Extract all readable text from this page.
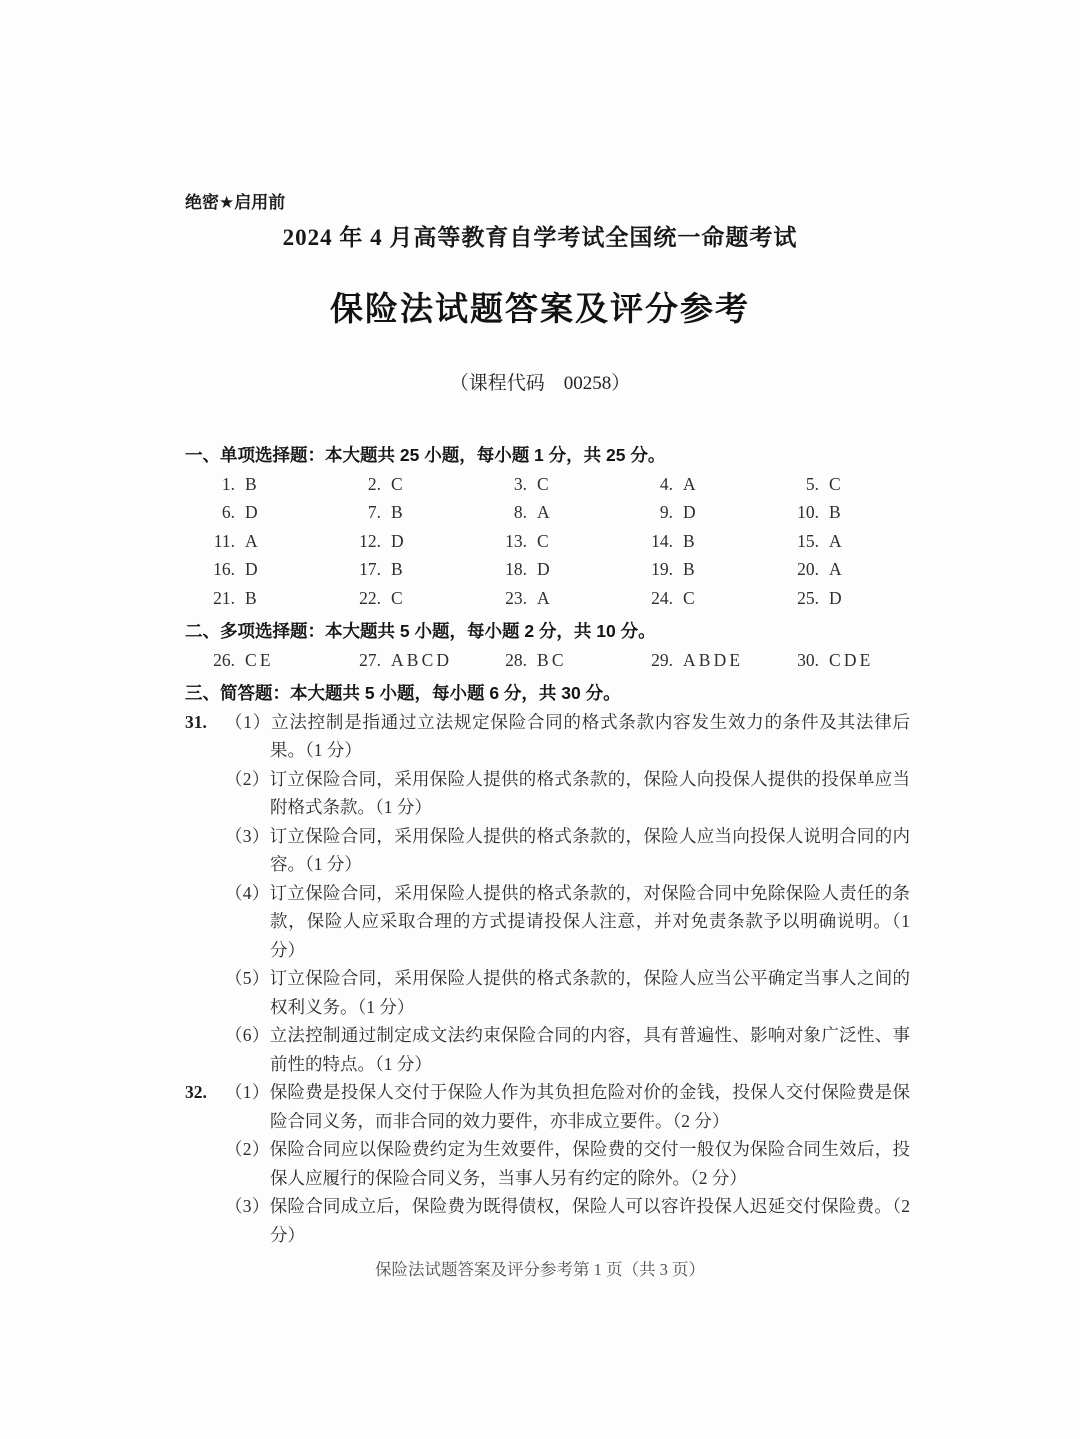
绝密★启用前
2024 年 4 月高等教育自学考试全国统一命题考试
保险法试题答案及评分参考
（课程代码　00258）
一、单项选择题：本大题共 25 小题，每小题 1 分，共 25 分。
1. B	2. C	3. C	4. A	5. C
6. D	7. B	8. A	9. D	10. B
11. A	12. D	13. C	14. B	15. A
16. D	17. B	18. D	19. B	20. A
21. B	22. C	23. A	24. C	25. D
二、多项选择题：本大题共 5 小题，每小题 2 分，共 10 分。
26. CE	27. ABCD	28. BC	29. ABDE	30. CDE
三、简答题：本大题共 5 小题，每小题 6 分，共 30 分。
31.	（1）立法控制是指通过立法规定保险合同的格式条款内容发生效力的条件及其法律后果。（1 分）
（2）订立保险合同，采用保险人提供的格式条款的，保险人向投保人提供的投保单应当附格式条款。（1 分）
（3）订立保险合同，采用保险人提供的格式条款的，保险人应当向投保人说明合同的内容。（1 分）
（4）订立保险合同，采用保险人提供的格式条款的，对保险合同中免除保险人责任的条款，保险人应采取合理的方式提请投保人注意，并对免责条款予以明确说明。（1 分）
（5）订立保险合同，采用保险人提供的格式条款的，保险人应当公平确定当事人之间的权利义务。（1 分）
（6）立法控制通过制定成文法约束保险合同的内容，具有普遍性、影响对象广泛性、事前性的特点。（1 分）
32.	（1）保险费是投保人交付于保险人作为其负担危险对价的金钱，投保人交付保险费是保险合同义务，而非合同的效力要件，亦非成立要件。（2 分）
（2）保险合同应以保险费约定为生效要件，保险费的交付一般仅为保险合同生效后，投保人应履行的保险合同义务，当事人另有约定的除外。（2 分）
（3）保险合同成立后，保险费为既得债权，保险人可以容许投保人迟延交付保险费。（2 分）
保险法试题答案及评分参考第 1 页（共 3 页）
